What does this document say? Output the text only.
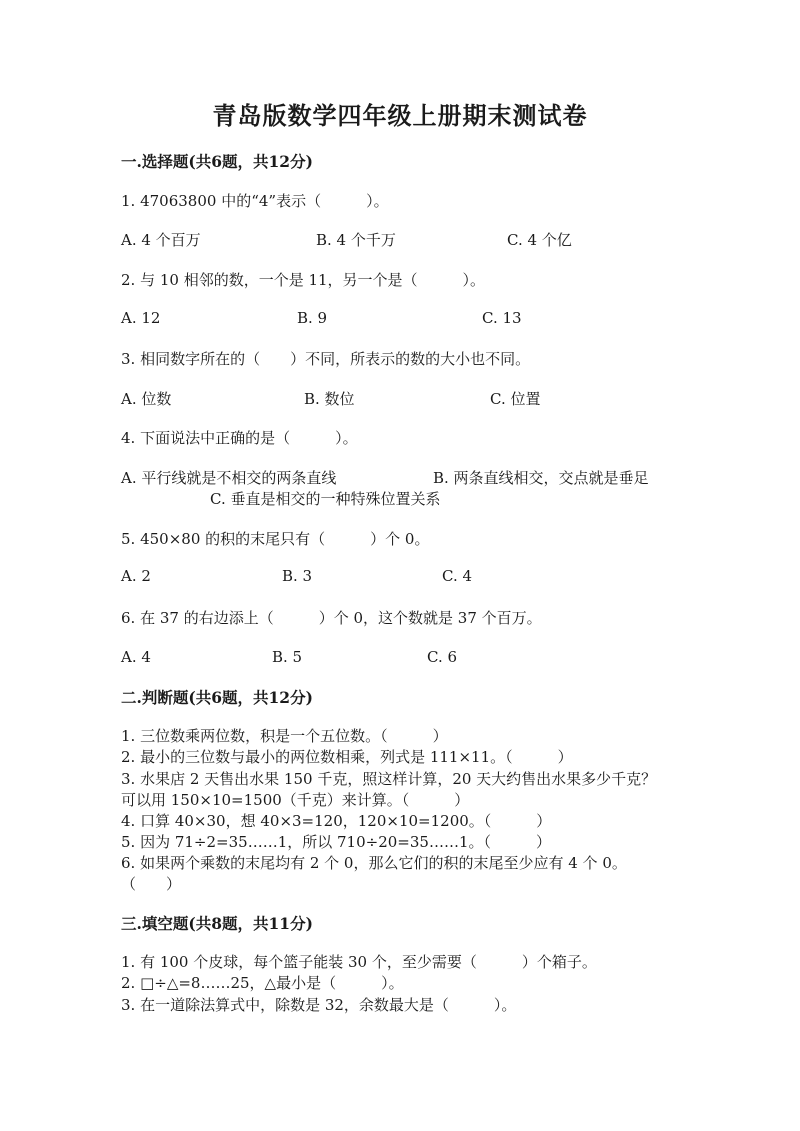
青岛版数学四年级上册期末测试卷
一.选择题(共6题，共12分)
1. 47063800 中的“4”表示（　　　）。
A. 4 个百万	B. 4 个千万	C. 4 个亿
2. 与 10 相邻的数，一个是 11，另一个是（　　　）。
A. 12	B. 9	C. 13
3. 相同数字所在的（　　）不同，所表示的数的大小也不同。
A. 位数	B. 数位	C. 位置
4. 下面说法中正确的是（　　　）。
A. 平行线就是不相交的两条直线	B. 两条直线相交，交点就是垂足
C. 垂直是相交的一种特殊位置关系
5. 450×80 的积的末尾只有（　　　）个 0。
A. 2	B. 3	C. 4
6. 在 37 的右边添上（　　　）个 0，这个数就是 37 个百万。
A. 4	B. 5	C. 6
二.判断题(共6题，共12分)
1. 三位数乘两位数，积是一个五位数。（　　　）
2. 最小的三位数与最小的两位数相乘，列式是 111×11。（　　　）
3. 水果店 2 天售出水果 150 千克，照这样计算，20 天大约售出水果多少千克？
可以用 150×10=1500（千克）来计算。（　　　）
4. 口算 40×30，想 40×3=120，120×10=1200。（　　　）
5. 因为 71÷2=35……1，所以 710÷20=35……1。（　　　）
6. 如果两个乘数的末尾均有 2 个 0，那么它们的积的末尾至少应有 4 个 0。
（　　）
三.填空题(共8题，共11分)
1. 有 100 个皮球，每个篮子能装 30 个，至少需要（　　　）个箱子。
2. □÷△=8……25，△最小是（　　　）。
3. 在一道除法算式中，除数是 32，余数最大是（　　　）。
